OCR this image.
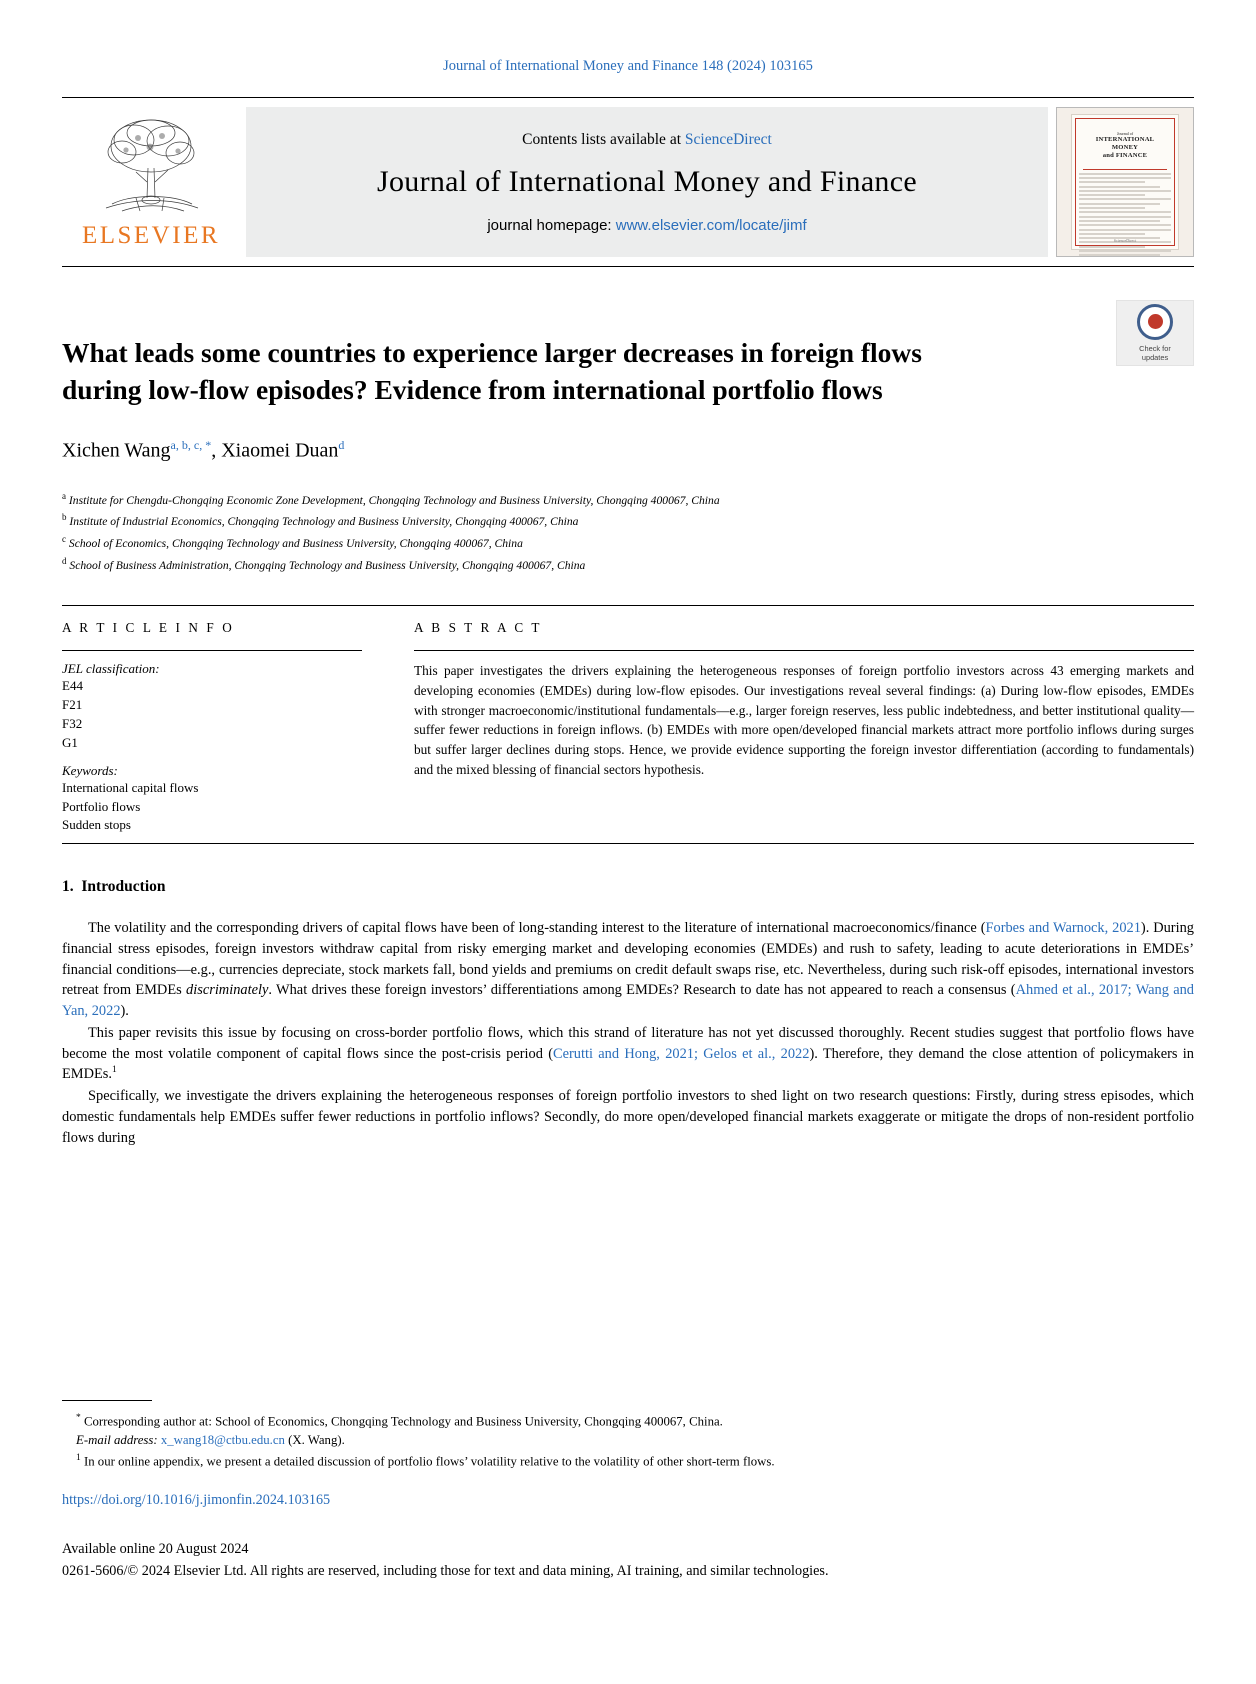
Journal of International Money and Finance 148 (2024) 103165
ELSEVIER
Contents lists available at ScienceDirect
Journal of International Money and Finance
journal homepage: www.elsevier.com/locate/jimf
Journal of
INTERNATIONAL
MONEY
and FINANCE
ScienceDirect
Check for
updates
What leads some countries to experience larger decreases in foreign flows during low-flow episodes? Evidence from international portfolio flows
Xichen Wang$^{a, b, c, *}$, Xiaomei Duan$^d$
$^a$ Institute for Chengdu-Chongqing Economic Zone Development, Chongqing Technology and Business University, Chongqing 400067, China
$^b$ Institute of Industrial Economics, Chongqing Technology and Business University, Chongqing 400067, China
$^c$ School of Economics, Chongqing Technology and Business University, Chongqing 400067, China
$^d$ School of Business Administration, Chongqing Technology and Business University, Chongqing 400067, China
A R T I C L E I N F O
JEL classification:
E44
F21
F32
G1
Keywords:
International capital flows
Portfolio flows
Sudden stops
A B S T R A C T
This paper investigates the drivers explaining the heterogeneous responses of foreign portfolio investors across 43 emerging markets and developing economies (EMDEs) during low-flow episodes. Our investigations reveal several findings: (a) During low-flow episodes, EMDEs with stronger macroeconomic/institutional fundamentals—e.g., larger foreign reserves, less public indebtedness, and better institutional quality—suffer fewer reductions in foreign inflows. (b) EMDEs with more open/developed financial markets attract more portfolio inflows during surges but suffer larger declines during stops. Hence, we provide evidence supporting the foreign investor differentiation (according to fundamentals) and the mixed blessing of financial sectors hypothesis.
1. Introduction

The volatility and the corresponding drivers of capital flows have been of long-standing interest to the literature of international macroeconomics/finance (Forbes and Warnock, 2021). During financial stress episodes, foreign investors withdraw capital from risky emerging market and developing economies (EMDEs) and rush to safety, leading to acute deteriorations in EMDEs’ financial conditions—e.g., currencies depreciate, stock markets fall, bond yields and premiums on credit default swaps rise, etc. Nevertheless, during such risk-off episodes, international investors retreat from EMDEs discriminately. What drives these foreign investors’ differentiations among EMDEs? Research to date has not appeared to reach a consensus (Ahmed et al., 2017; Wang and Yan, 2022).

This paper revisits this issue by focusing on cross-border portfolio flows, which this strand of literature has not yet discussed thoroughly. Recent studies suggest that portfolio flows have become the most volatile component of capital flows since the post-crisis period (Cerutti and Hong, 2021; Gelos et al., 2022). Therefore, they demand the close attention of policymakers in EMDEs.$^1$

Specifically, we investigate the drivers explaining the heterogeneous responses of foreign portfolio investors to shed light on two research questions: Firstly, during stress episodes, which domestic fundamentals help EMDEs suffer fewer reductions in portfolio inflows? Secondly, do more open/developed financial markets exaggerate or mitigate the drops of non-resident portfolio flows during

* Corresponding author at: School of Economics, Chongqing Technology and Business University, Chongqing 400067, China.
E-mail address: x_wang18@ctbu.edu.cn (X. Wang).
$^1$ In our online appendix, we present a detailed discussion of portfolio flows’ volatility relative to the volatility of other short-term flows.
https://doi.org/10.1016/j.jimonfin.2024.103165
Available online 20 August 2024
0261-5606/© 2024 Elsevier Ltd. All rights are reserved, including those for text and data mining, AI training, and similar technologies.
